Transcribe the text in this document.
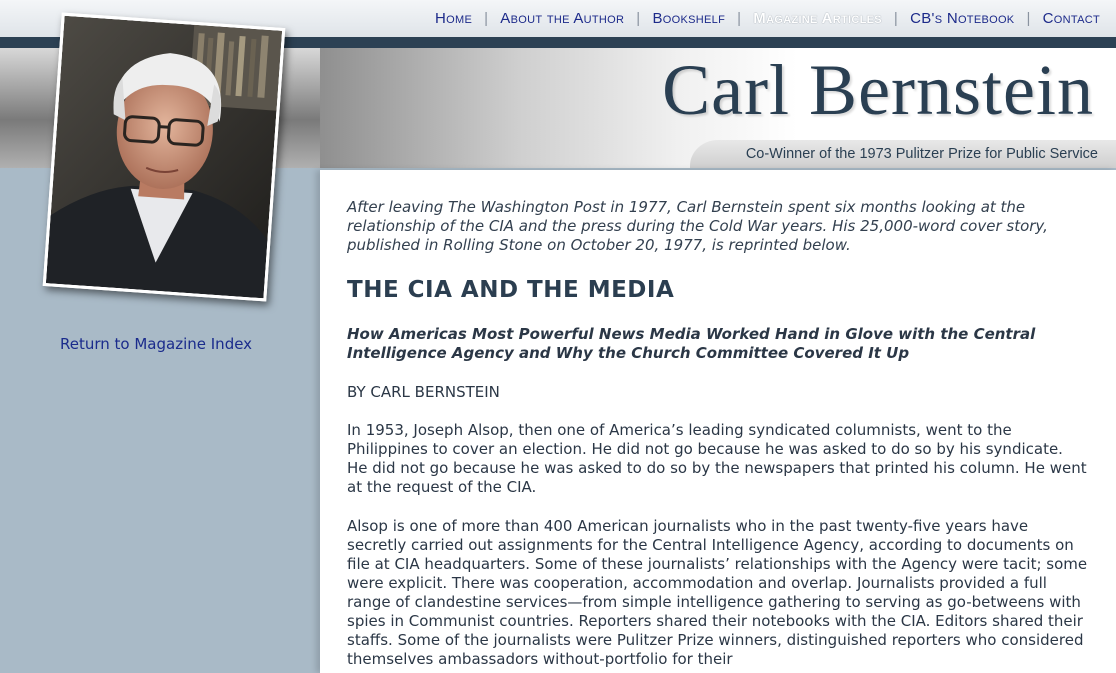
Home | About the Author | Bookshelf | Magazine Articles | CB's Notebook | Contact
Carl Bernstein

Co-Winner of the 1973 Pulitzer Prize for Public Service

Return to Magazine Index

After leaving The Washington Post in 1977, Carl Bernstein spent six months looking at the relationship of the CIA and the press during the Cold War years. His 25,000-word cover story, published in Rolling Stone on October 20, 1977, is reprinted below.

THE CIA AND THE MEDIA

How Americas Most Powerful News Media Worked Hand in Glove with the Central Intelligence Agency and Why the Church Committee Covered It Up

BY CARL BERNSTEIN

In 1953, Joseph Alsop, then one of America’s leading syndicated columnists, went to the Philippines to cover an election. He did not go because he was asked to do so by his syndicate. He did not go because he was asked to do so by the newspapers that printed his column. He went at the request of the CIA.

Alsop is one of more than 400 American journalists who in the past twenty-five years have secretly carried out assignments for the Central Intelligence Agency, according to documents on file at CIA headquarters. Some of these journalists’ relationships with the Agency were tacit; some were explicit. There was cooperation, accommodation and overlap. Journalists provided a full range of clandestine services—from simple intelligence gathering to serving as go-betweens with spies in Communist countries. Reporters shared their notebooks with the CIA. Editors shared their staffs. Some of the journalists were Pulitzer Prize winners, distinguished reporters who considered themselves ambassadors without-portfolio for their
